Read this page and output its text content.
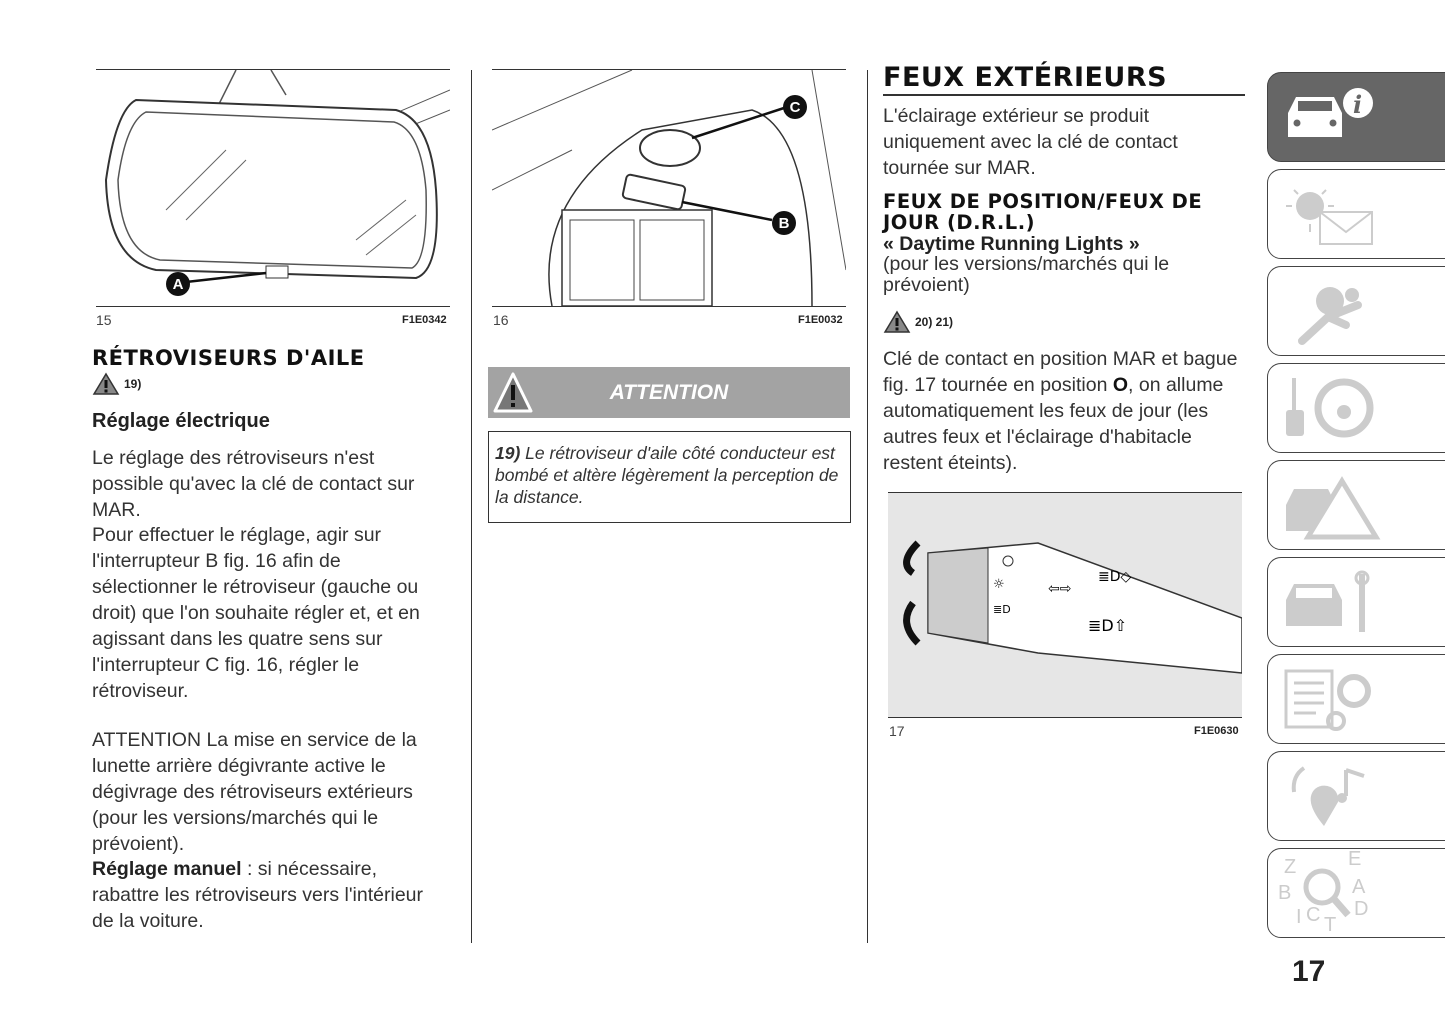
A
15	F1E0342
C
B
16	F1E0032
RÉTROVISEURS D'AILE
19)
Réglage électrique
Le réglage des rétroviseurs n'est possible qu'avec la clé de contact sur MAR.
Pour effectuer le réglage, agir sur l'interrupteur B fig. 16 afin de sélectionner le rétroviseur (gauche ou droit) que l'on souhaite régler et, et en agissant dans les quatre sens sur l'interrupteur C fig. 16, régler le rétroviseur.
ATTENTION La mise en service de la lunette arrière dégivrante active le dégivrage des rétroviseurs extérieurs (pour les versions/marchés qui le prévoient).
Réglage manuel : si nécessaire, rabattre les rétroviseurs vers l'intérieur de la voiture.
ATTENTION
19) Le rétroviseur d'aile côté conducteur est bombé et altère légèrement la perception de la distance.
FEUX EXTÉRIEURS
L'éclairage extérieur se produit uniquement avec la clé de contact tournée sur MAR.
FEUX DE POSITION/FEUX DE JOUR (D.R.L.)
« Daytime Running Lights »
(pour les versions/marchés qui le prévoient)
20) 21)
Clé de contact en position MAR et bague fig. 17 tournée en position O, on allume automatiquement les feux de jour (les autres feux et l'éclairage d'habitacle restent éteints).
⇦⇨
≣D◇
≣D⇧
☼
≣D
17	F1E0630
i
Z	E
B	A
I C T
D
17
